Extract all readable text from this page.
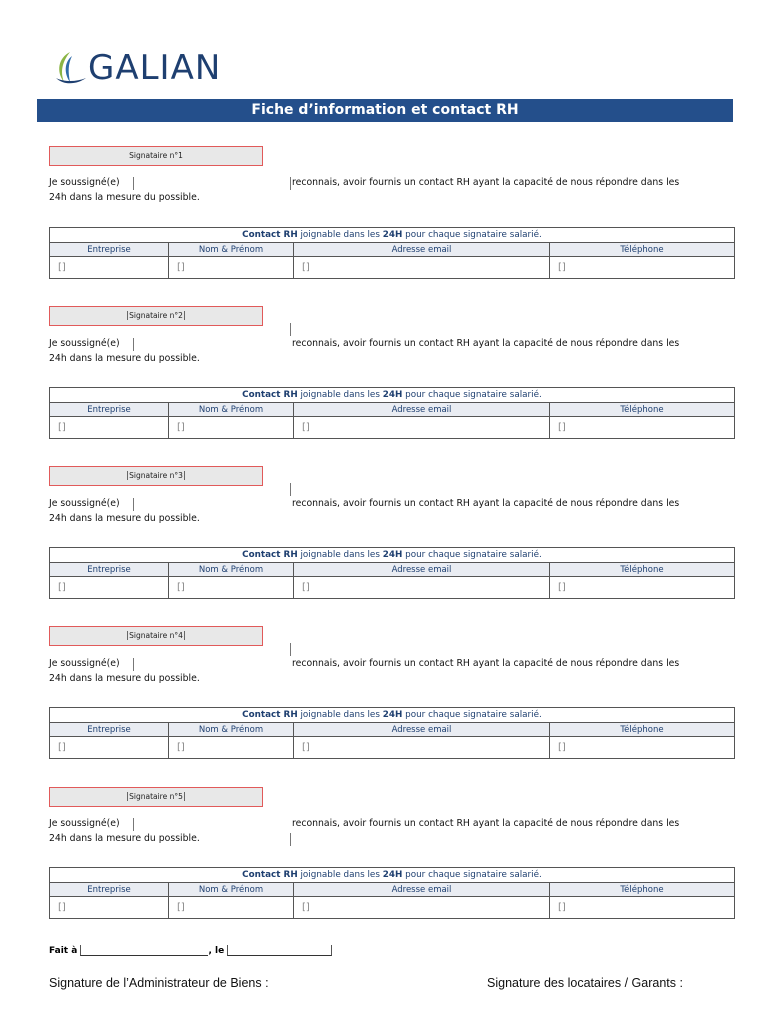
GALIAN
Fiche d’information et contact RH
Signataire n°1
Je soussigné(e)	reconnais, avoir fournis un contact RH ayant la capacité de nous répondre dans les
24h dans la mesure du possible.
Contact RH joignable dans les 24H pour chaque signataire salarié.			
Entreprise	Nom & Prénom	Adresse email	Téléphone
[]	[]	[]	[]
Signataire n°2
Je soussigné(e)	reconnais, avoir fournis un contact RH ayant la capacité de nous répondre dans les
24h dans la mesure du possible.
Contact RH joignable dans les 24H pour chaque signataire salarié.			
Entreprise	Nom & Prénom	Adresse email	Téléphone
[]	[]	[]	[]
Signataire n°3
Je soussigné(e)	reconnais, avoir fournis un contact RH ayant la capacité de nous répondre dans les
24h dans la mesure du possible.
Contact RH joignable dans les 24H pour chaque signataire salarié.			
Entreprise	Nom & Prénom	Adresse email	Téléphone
[]	[]	[]	[]
Signataire n°4
Je soussigné(e)	reconnais, avoir fournis un contact RH ayant la capacité de nous répondre dans les
24h dans la mesure du possible.
Contact RH joignable dans les 24H pour chaque signataire salarié.			
Entreprise	Nom & Prénom	Adresse email	Téléphone
[]	[]	[]	[]
Signataire n°5
Je soussigné(e)	reconnais, avoir fournis un contact RH ayant la capacité de nous répondre dans les
24h dans la mesure du possible.
Contact RH joignable dans les 24H pour chaque signataire salarié.			
Entreprise	Nom & Prénom	Adresse email	Téléphone
[]	[]	[]	[]
Fait à	, le
Signature de l’Administrateur de Biens :	Signature des locataires / Garants :
